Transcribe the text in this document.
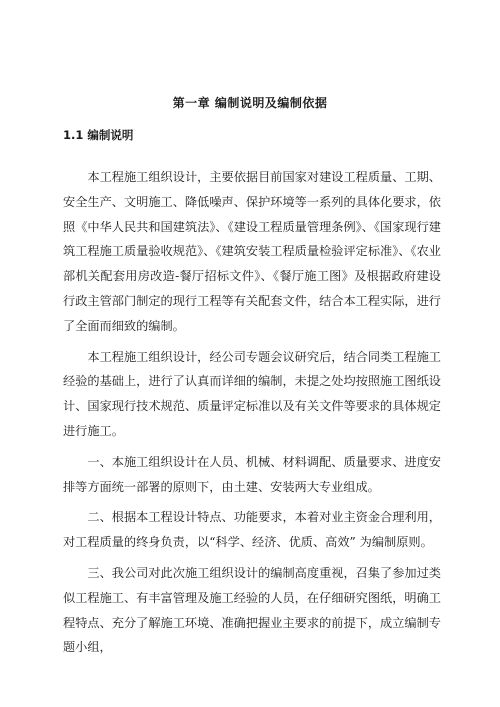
第一章 编制说明及编制依据
1.1 编制说明

本工程施工组织设计，主要依据目前国家对建设工程质量、工期、安全生产、文明施工、降低噪声、保护环境等一系列的具体化要求，依照《中华人民共和国建筑法》、《建设工程质量管理条例》、《国家现行建筑工程施工质量验收规范》、《建筑安装工程质量检验评定标准》、《农业部机关配套用房改造-餐厅招标文件》、《餐厅施工图》及根据政府建设行政主管部门制定的现行工程等有关配套文件，结合本工程实际，进行了全面而细致的编制。

本工程施工组织设计，经公司专题会议研究后，结合同类工程施工经验的基础上，进行了认真而详细的编制，未提之处均按照施工图纸设计、国家现行技术规范、质量评定标准以及有关文件等要求的具体规定进行施工。

一、本施工组织设计在人员、机械、材料调配、质量要求、进度安排等方面统一部署的原则下，由土建、安装两大专业组成。

二、根据本工程设计特点、功能要求，本着对业主资金合理利用，对工程质量的终身负责，以“科学、经济、优质、高效” 为编制原则。

三、我公司对此次施工组织设计的编制高度重视，召集了参加过类似工程施工、有丰富管理及施工经验的人员，在仔细研究图纸，明确工程特点、充分了解施工环境、准确把握业主要求的前提下，成立编制专题小组，
